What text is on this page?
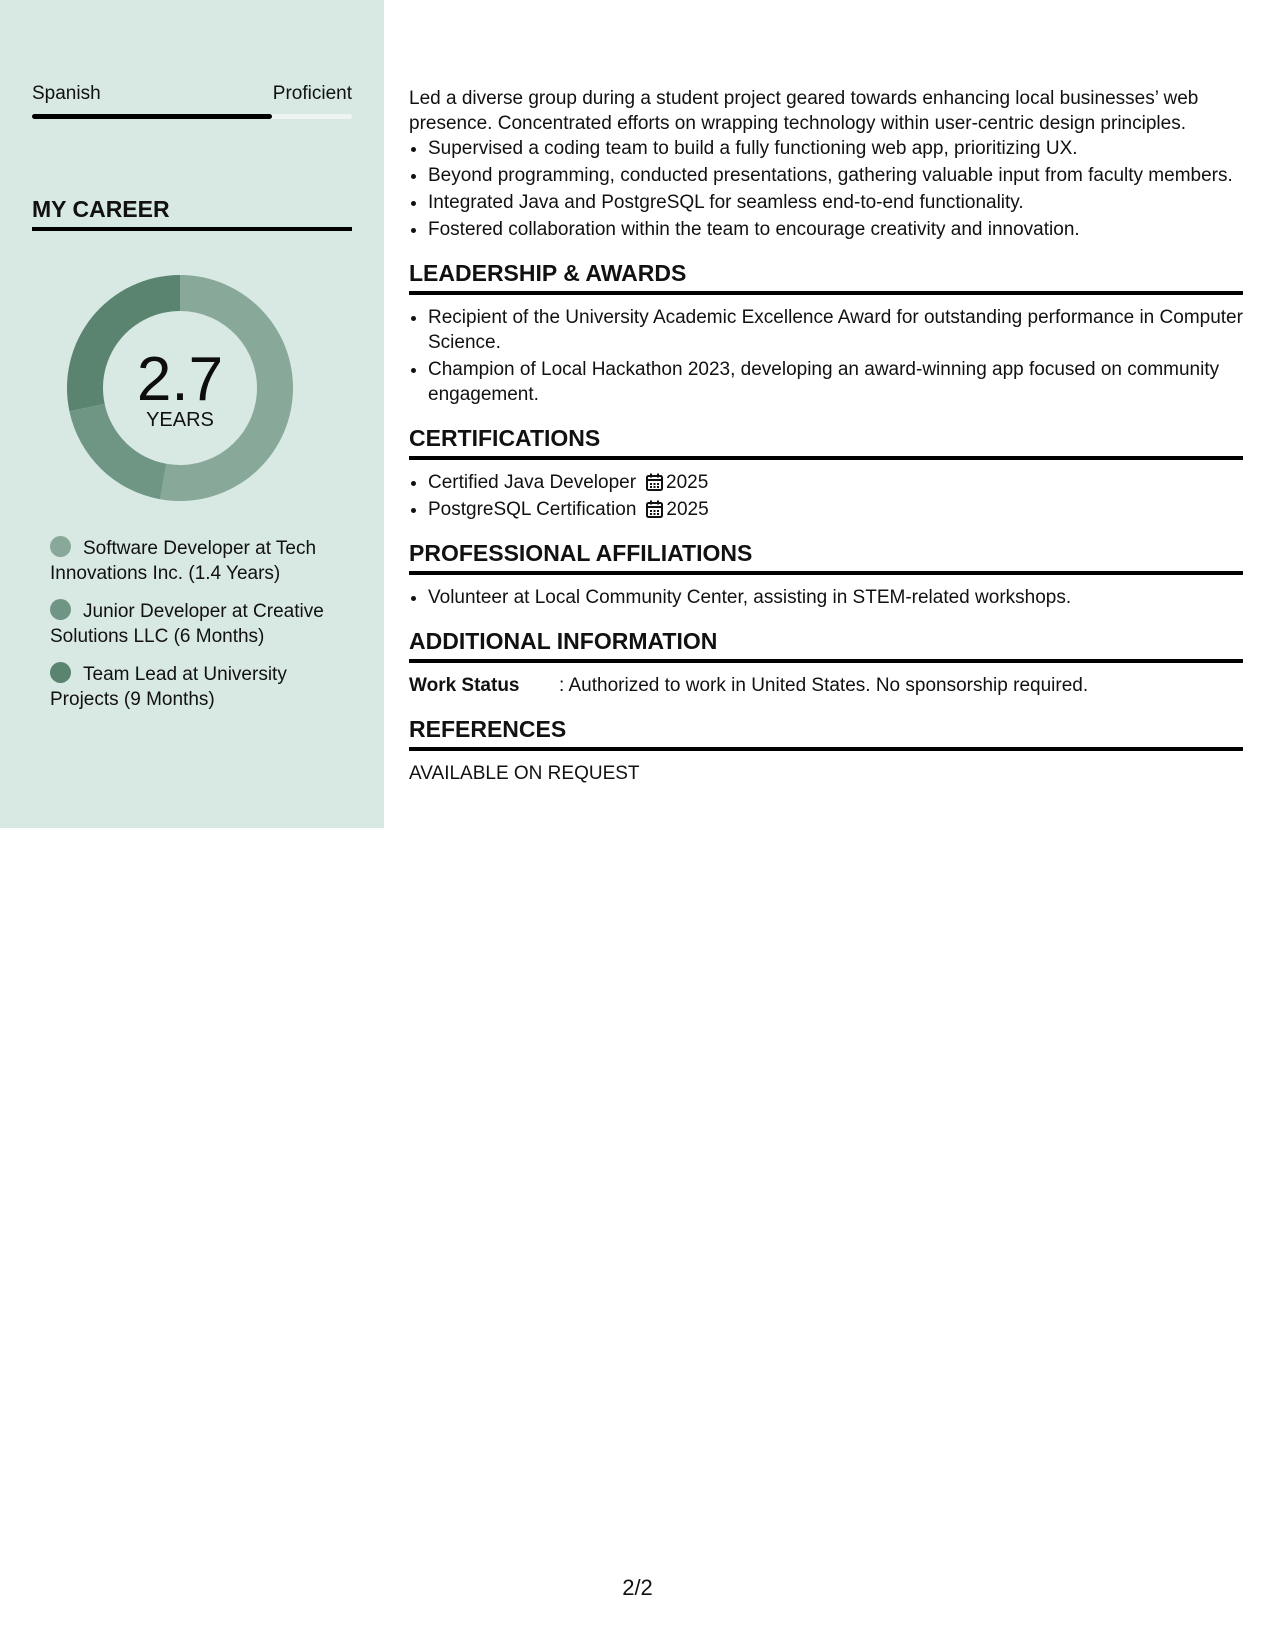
Spanish	Proficient
MY CAREER
2.7
YEARS
Software Developer at Tech Innovations Inc. (1.4 Years)
Junior Developer at Creative Solutions LLC (6 Months)
Team Lead at University Projects (9 Months)

Led a diverse group during a student project geared towards enhancing local businesses’ web presence. Concentrated efforts on wrapping technology within user-centric design principles.

• Supervised a coding team to build a fully functioning web app, prioritizing UX.
• Beyond programming, conducted presentations, gathering valuable input from faculty members.
• Integrated Java and PostgreSQL for seamless end-to-end functionality.
• Fostered collaboration within the team to encourage creativity and innovation.
LEADERSHIP & AWARDS
• Recipient of the University Academic Excellence Award for outstanding performance in Computer Science.
• Champion of Local Hackathon 2023, developing an award-winning app focused on community engagement.
CERTIFICATIONS
• Certified Java Developer 2025
• PostgreSQL Certification 2025
PROFESSIONAL AFFILIATIONS
• Volunteer at Local Community Center, assisting in STEM-related workshops.
ADDITIONAL INFORMATION
Work Status : Authorized to work in United States. No sponsorship required.
REFERENCES
AVAILABLE ON REQUEST
2/2
